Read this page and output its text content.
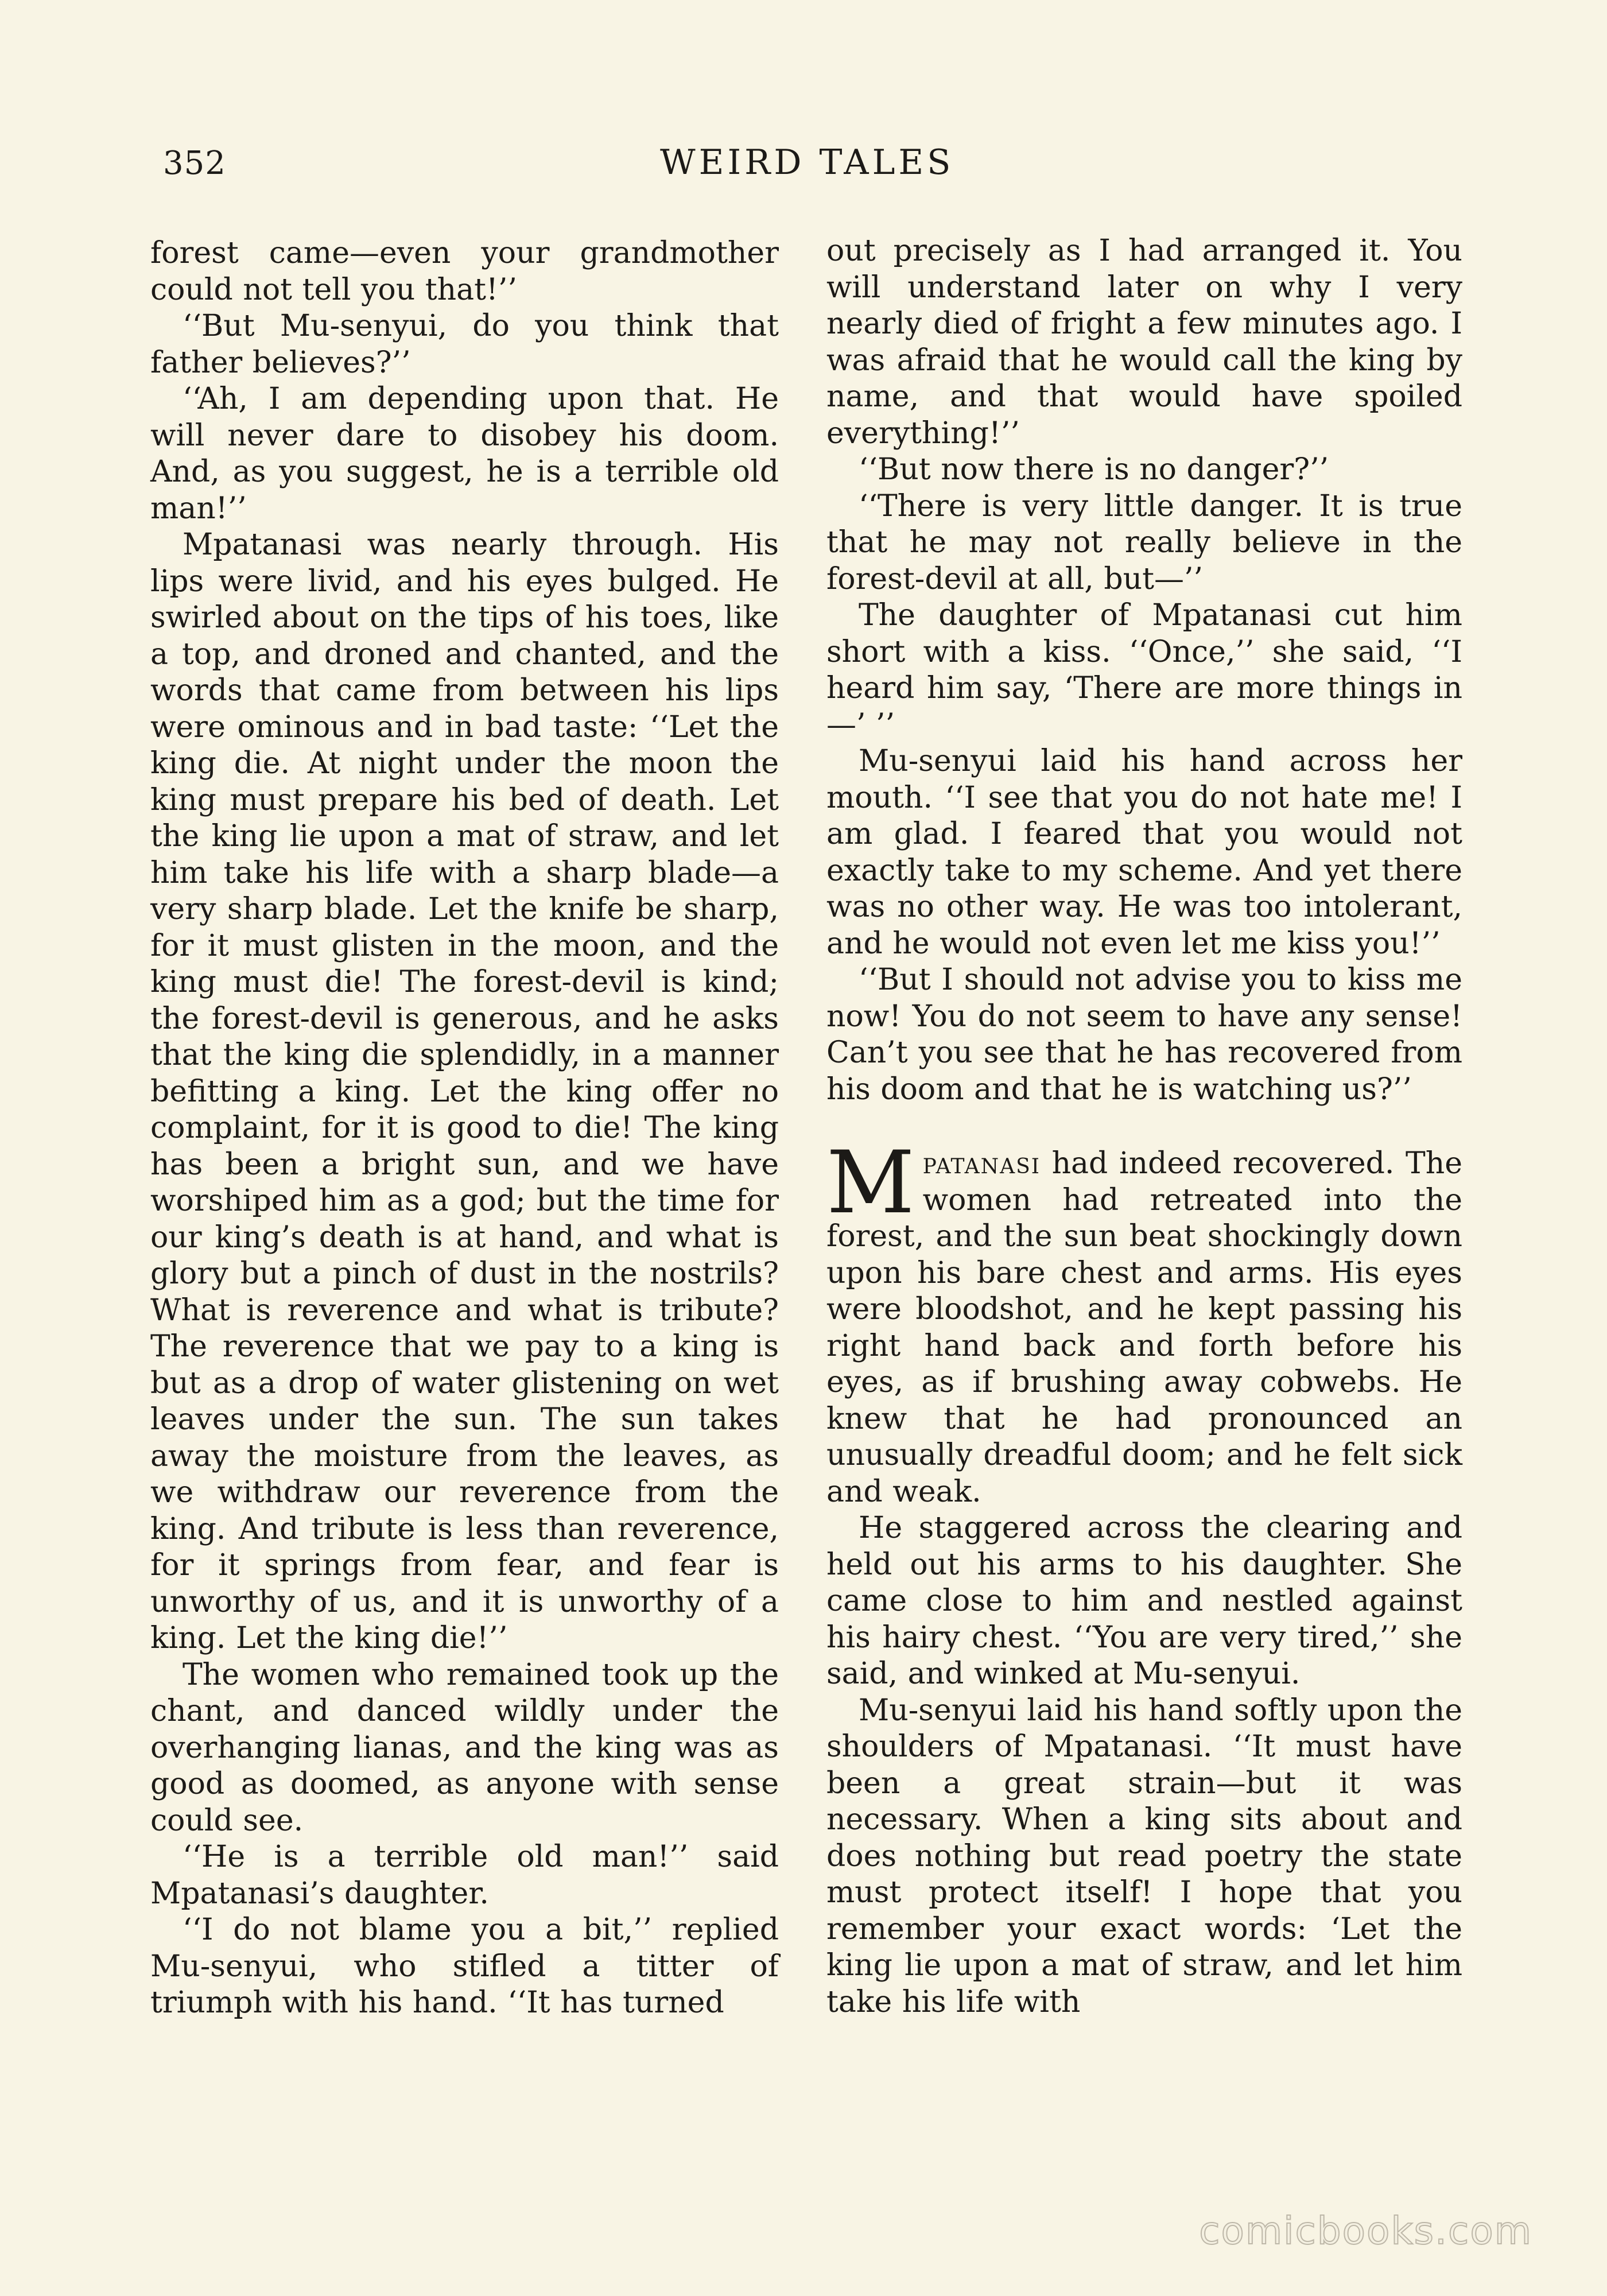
352	WEIRD TALES

forest came—even your grandmother could not tell you that!’’

‘‘But Mu-senyui, do you think that father believes?’’

‘‘Ah, I am depending upon that. He will never dare to disobey his doom. And, as you suggest, he is a terrible old man!’’

Mpatanasi was nearly through. His lips were livid, and his eyes bulged. He swirled about on the tips of his toes, like a top, and droned and chanted, and the words that came from between his lips were ominous and in bad taste: ‘‘Let the king die. At night under the moon the king must prepare his bed of death. Let the king lie upon a mat of straw, and let him take his life with a sharp blade—a very sharp blade. Let the knife be sharp, for it must glisten in the moon, and the king must die! The forest-devil is kind; the forest-devil is generous, and he asks that the king die splendidly, in a manner befitting a king. Let the king offer no complaint, for it is good to die! The king has been a bright sun, and we have worshiped him as a god; but the time for our king’s death is at hand, and what is glory but a pinch of dust in the nostrils? What is reverence and what is tribute? The reverence that we pay to a king is but as a drop of water glistening on wet leaves under the sun. The sun takes away the moisture from the leaves, as we withdraw our reverence from the king. And tribute is less than reverence, for it springs from fear, and fear is unworthy of us, and it is unworthy of a king. Let the king die!’’

The women who remained took up the chant, and danced wildly under the overhanging lianas, and the king was as good as doomed, as anyone with sense could see.

‘‘He is a terrible old man!’’ said Mpatanasi’s daughter.

‘‘I do not blame you a bit,’’ replied Mu-senyui, who stifled a titter of triumph with his hand. ‘‘It has turned

out precisely as I had arranged it. You will understand later on why I very nearly died of fright a few minutes ago. I was afraid that he would call the king by name, and that would have spoiled everything!’’

‘‘But now there is no danger?’’

‘‘There is very little danger. It is true that he may not really believe in the forest-devil at all, but—’’

The daughter of Mpatanasi cut him short with a kiss. ‘‘Once,’’ she said, ‘‘I heard him say, ‘There are more things in—’ ’’

Mu-senyui laid his hand across her mouth. ‘‘I see that you do not hate me! I am glad. I feared that you would not exactly take to my scheme. And yet there was no other way. He was too intolerant, and he would not even let me kiss you!’’

‘‘But I should not advise you to kiss me now! You do not seem to have any sense! Can’t you see that he has recovered from his doom and that he is watching us?’’

Mpatanasi had indeed recovered. The women had retreated into the forest, and the sun beat shockingly down upon his bare chest and arms. His eyes were bloodshot, and he kept passing his right hand back and forth before his eyes, as if brushing away cobwebs. He knew that he had pronounced an unusually dreadful doom; and he felt sick and weak.

He staggered across the clearing and held out his arms to his daughter. She came close to him and nestled against his hairy chest. ‘‘You are very tired,’’ she said, and winked at Mu-senyui.

Mu-senyui laid his hand softly upon the shoulders of Mpatanasi. ‘‘It must have been a great strain—but it was necessary. When a king sits about and does nothing but read poetry the state must protect itself! I hope that you remember your exact words: ‘Let the king lie upon a mat of straw, and let him take his life with

comicbooks.com
